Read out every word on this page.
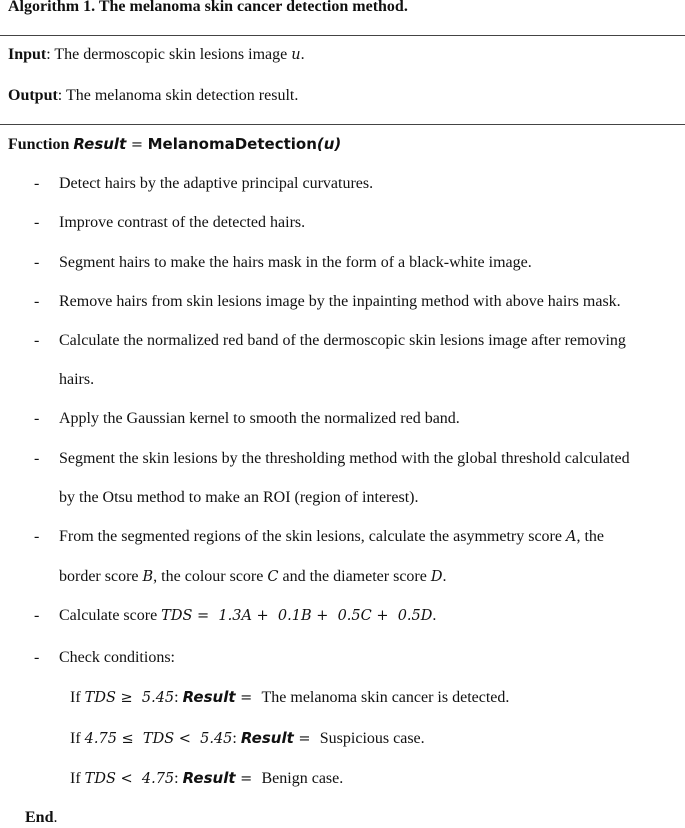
Algorithm 1. The melanoma skin cancer detection method.
Input: The dermoscopic skin lesions image u.
Output: The melanoma skin detection result.
Function Result = MelanomaDetection(u)
- Detect hairs by the adaptive principal curvatures.
- Improve contrast of the detected hairs.
- Segment hairs to make the hairs mask in the form of a black-white image.
- Remove hairs from skin lesions image by the inpainting method with above hairs mask.
- Calculate the normalized red band of the dermoscopic skin lesions image after removing
hairs.
- Apply the Gaussian kernel to smooth the normalized red band.
- Segment the skin lesions by the thresholding method with the global threshold calculated
by the Otsu method to make an ROI (region of interest).
- From the segmented regions of the skin lesions, calculate the asymmetry score A, the
border score B, the colour score C and the diameter score D.
- Calculate score TDS =  1.3A +  0.1B +  0.5C +  0.5D.
- Check conditions:
If TDS ≥  5.45: Result =  The melanoma skin cancer is detected.
If 4.75 ≤  TDS <  5.45: Result =  Suspicious case.
If TDS <  4.75: Result =  Benign case.
End.
